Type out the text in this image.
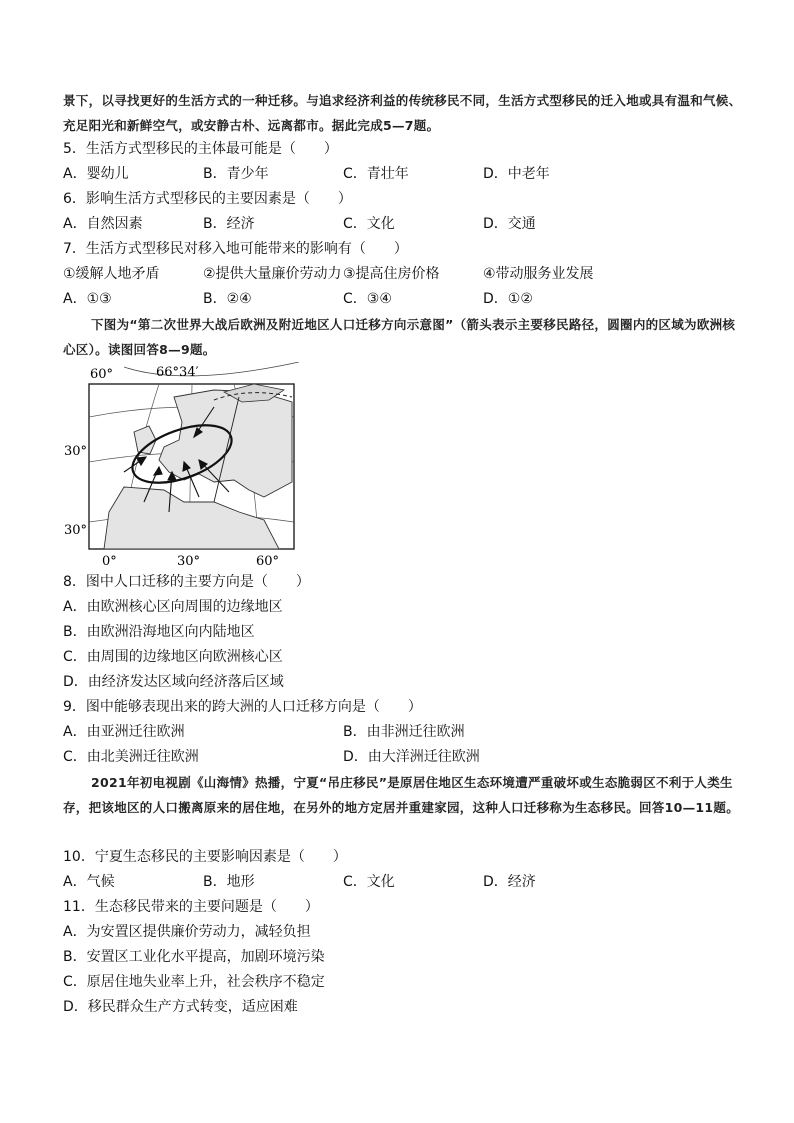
景下，以寻找更好的生活方式的一种迁移。与追求经济利益的传统移民不同，生活方式型移民的迁入地或具有温和气候、充足阳光和新鲜空气，或安静古朴、远离都市。据此完成5—7题。
5．生活方式型移民的主体最可能是（　　）
A．婴幼儿	B．青少年	C．青壮年	D．中老年
6．影响生活方式型移民的主要因素是（　　）
A．自然因素	B．经济	C．文化	D．交通
7．生活方式型移民对移入地可能带来的影响有（　　）
①缓解人地矛盾	②提供大量廉价劳动力 ③提高住房价格	④带动服务业发展
A．①③	B．②④	C．③④	D．①②
下图为“第二次世界大战后欧洲及附近地区人口迁移方向示意图”（箭头表示主要移民路径，圆圈内的区域为欧洲核心区）。读图回答8—9题。
60°	66°34′
30°
30°
0°	30°	60°
8．图中人口迁移的主要方向是（　　）
A．由欧洲核心区向周围的边缘地区
B．由欧洲沿海地区向内陆地区
C．由周围的边缘地区向欧洲核心区
D．由经济发达区域向经济落后区域
9．图中能够表现出来的跨大洲的人口迁移方向是（　　）
A．由亚洲迁往欧洲	B．由非洲迁往欧洲
C．由北美洲迁往欧洲	D．由大洋洲迁往欧洲
2021年初电视剧《山海情》热播，宁夏“吊庄移民”是原居住地区生态环境遭严重破坏或生态脆弱区不利于人类生存，把该地区的人口搬离原来的居住地，在另外的地方定居并重建家园，这种人口迁移称为生态移民。回答10—11题。
10．宁夏生态移民的主要影响因素是（　　）
A．气候	B．地形	C．文化	D．经济
11．生态移民带来的主要问题是（　　）
A．为安置区提供廉价劳动力，减轻负担
B．安置区工业化水平提高，加剧环境污染
C．原居住地失业率上升，社会秩序不稳定
D．移民群众生产方式转变，适应困难
